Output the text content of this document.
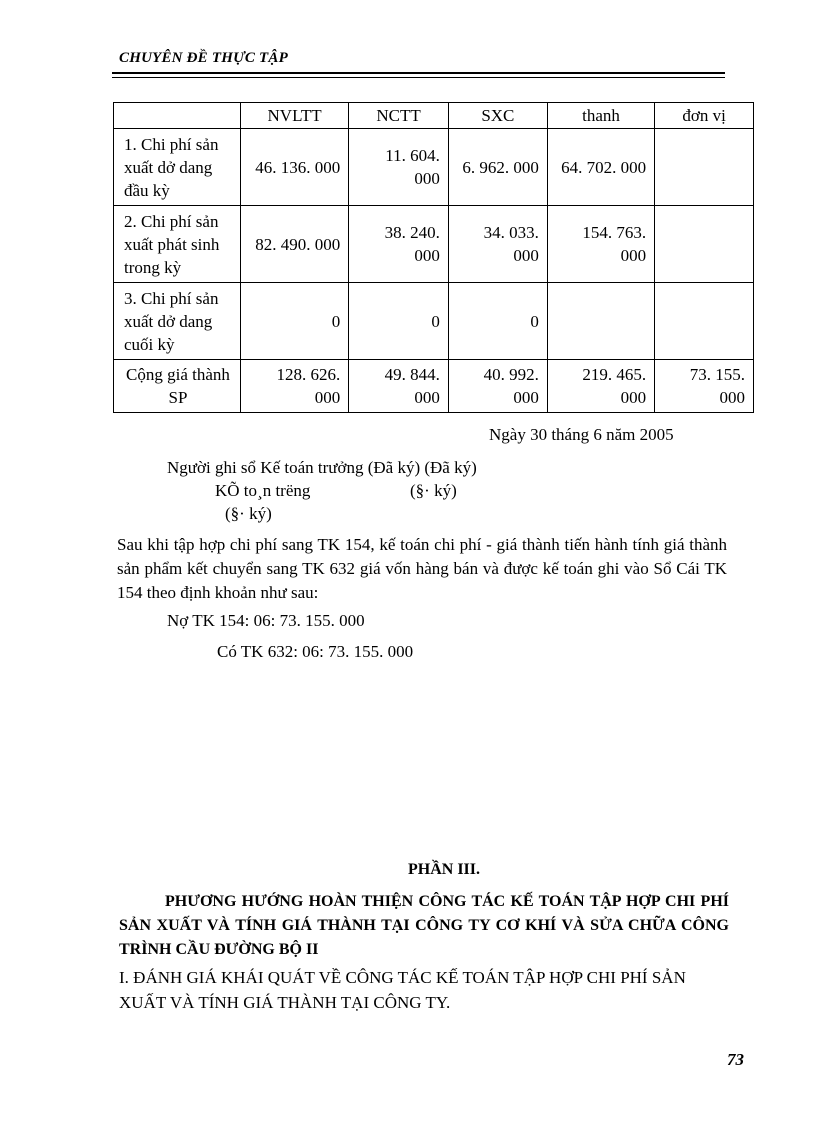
CHUYÊN ĐỀ THỰC TẬP
	NVLTT	NCTT	SXC	thanh	đơn vị
1. Chi phí sản xuất dở dang đầu kỳ	46. 136. 000	11. 604. 000	6. 962. 000	64. 702. 000	
2. Chi phí sản xuất phát sinh trong kỳ	82. 490. 000	38. 240. 000	34. 033. 000	154. 763. 000	
3. Chi phí sản xuất dở dang cuối kỳ	0	0	0		
Cộng giá thành SP	128. 626. 000	49. 844. 000	40. 992. 000	219. 465. 000	73. 155. 000
Ngày 30 tháng 6 năm 2005
Người ghi sổ Kế toán trưởng (Đã ký) (Đã ký)
KÕ to¸n trëng	(§· ký)
(§· ký)

Sau khi tập hợp chi phí sang TK 154, kế toán chi phí - giá thành tiến hành tính giá thành sản phẩm kết chuyển sang TK 632 giá vốn hàng bán và được kế toán ghi vào Sổ Cái TK 154 theo định khoản như sau:

Nợ TK 154: 06: 73. 155. 000
Có TK 632: 06: 73. 155. 000
PHẦN III.

PHƯƠNG HƯỚNG HOÀN THIỆN CÔNG TÁC KẾ TOÁN TẬP HỢP CHI PHÍ SẢN XUẤT VÀ TÍNH GIÁ THÀNH TẠI CÔNG TY CƠ KHÍ VÀ SỬA CHỮA CÔNG TRÌNH CẦU ĐƯỜNG BỘ II

I. ĐÁNH GIÁ KHÁI QUÁT VỀ CÔNG TÁC KẾ TOÁN TẬP HỢP CHI PHÍ SẢN XUẤT VÀ TÍNH GIÁ THÀNH TẠI CÔNG TY.

73
